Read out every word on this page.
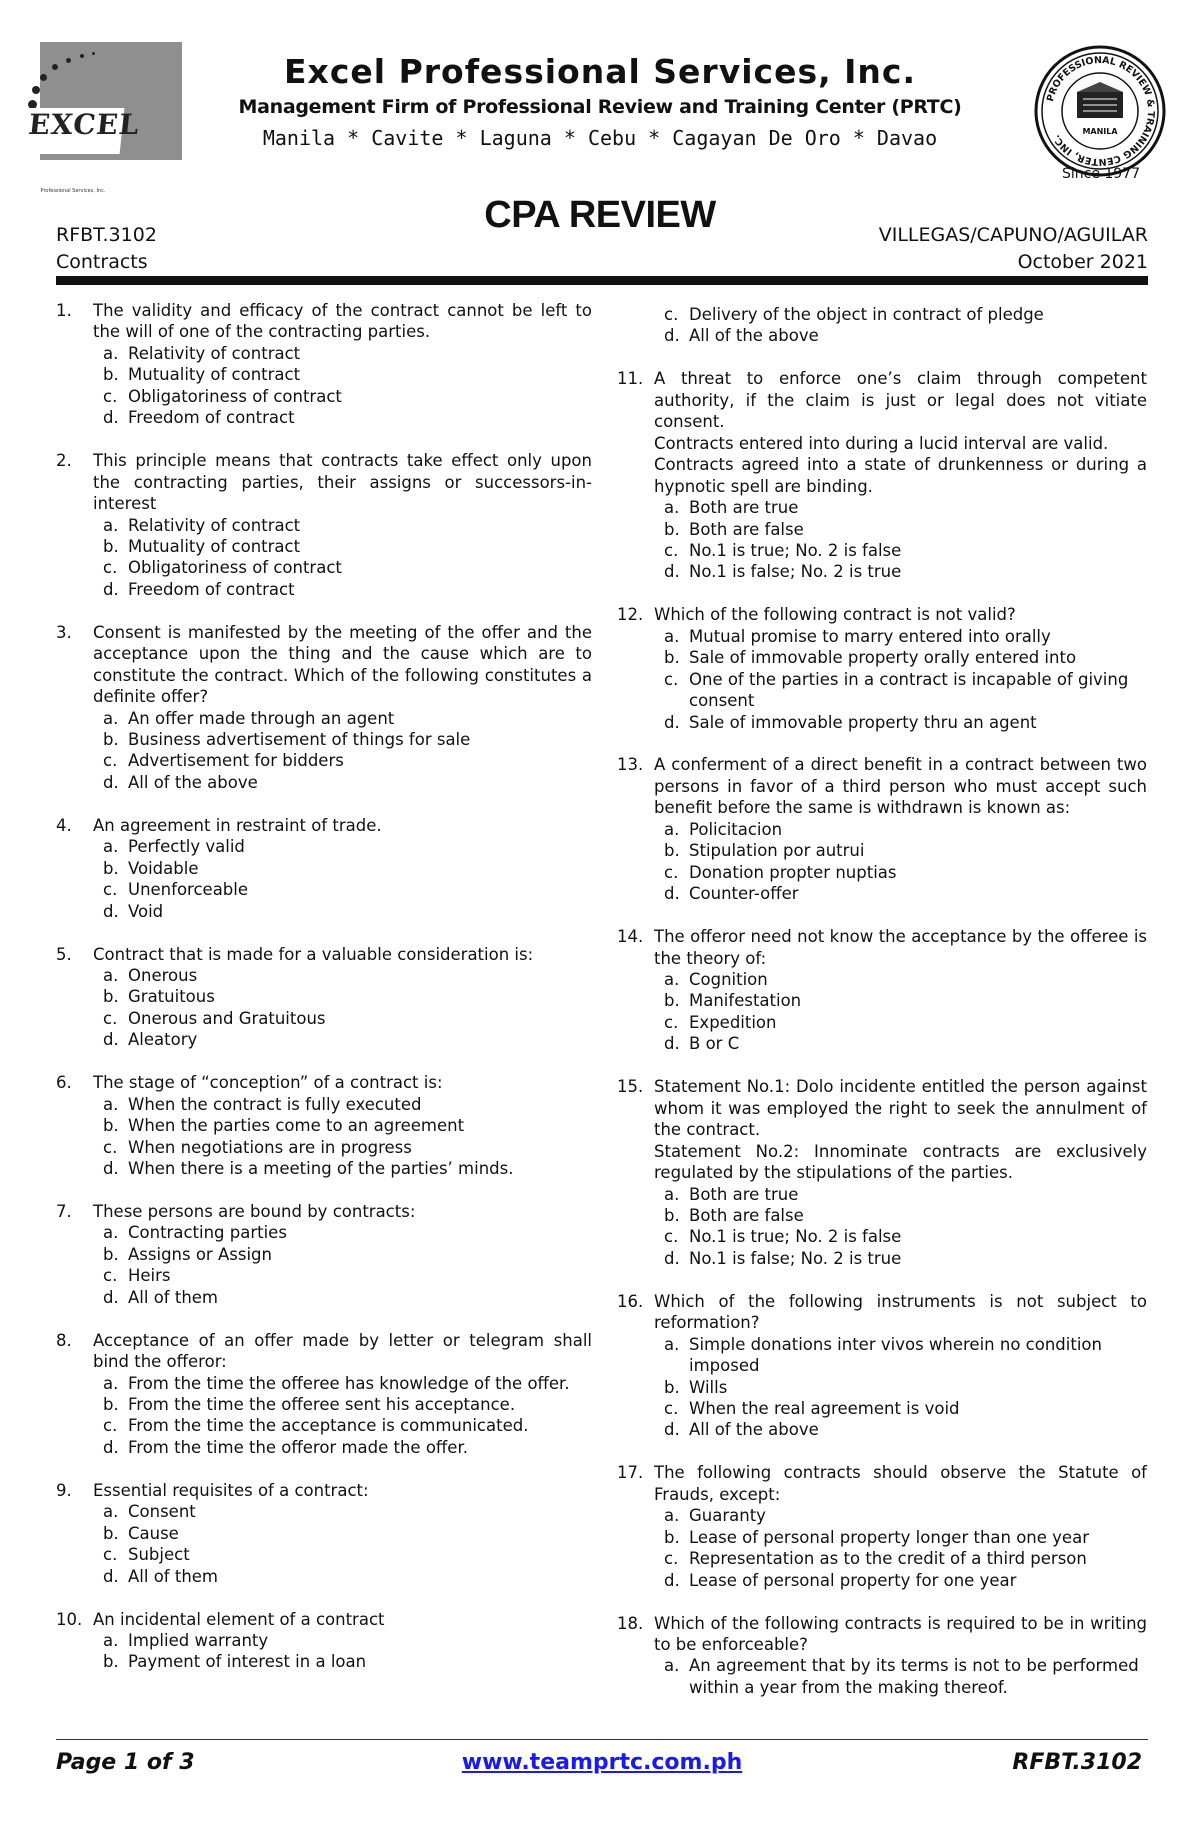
EXCEL
Professional Services, Inc.
Excel Professional Services, Inc.
Management Firm of Professional Review and Training Center (PRTC)
Manila * Cavite * Laguna * Cebu * Cagayan De Oro * Davao
PROFESSIONAL REVIEW & TRAINING CENTER, INC.
MANILA
Since 1977
RFBT.3102
Contracts
CPA REVIEW	VILLEGAS/CAPUNO/AGUILAR
October 2021
1. The validity and efficacy of the contract cannot be left to the will of one of the contracting parties.
a. Relativity of contract
b. Mutuality of contract
c. Obligatoriness of contract
d. Freedom of contract
2. This principle means that contracts take effect only upon the contracting parties, their assigns or successors-in-interest
a. Relativity of contract
b. Mutuality of contract
c. Obligatoriness of contract
d. Freedom of contract
3. Consent is manifested by the meeting of the offer and the acceptance upon the thing and the cause which are to constitute the contract. Which of the following constitutes a definite offer?
a. An offer made through an agent
b. Business advertisement of things for sale
c. Advertisement for bidders
d. All of the above
4. An agreement in restraint of trade.
a. Perfectly valid
b. Voidable
c. Unenforceable
d. Void
5. Contract that is made for a valuable consideration is:
a. Onerous
b. Gratuitous
c. Onerous and Gratuitous
d. Aleatory
6. The stage of “conception” of a contract is:
a. When the contract is fully executed
b. When the parties come to an agreement
c. When negotiations are in progress
d. When there is a meeting of the parties’ minds.
7. These persons are bound by contracts:
a. Contracting parties
b. Assigns or Assign
c. Heirs
d. All of them
8. Acceptance of an offer made by letter or telegram shall bind the offeror:
a. From the time the offeree has knowledge of the offer.
b. From the time the offeree sent his acceptance.
c. From the time the acceptance is communicated.
d. From the time the offeror made the offer.
9. Essential requisites of a contract:
a. Consent
b. Cause
c. Subject
d. All of them
10. An incidental element of a contract
a. Implied warranty
b. Payment of interest in a loan
c. Delivery of the object in contract of pledge
d. All of the above
11. A threat to enforce one’s claim through competent authority, if the claim is just or legal does not vitiate consent.
Contracts entered into during a lucid interval are valid.
Contracts agreed into a state of drunkenness or during a hypnotic spell are binding.
a. Both are true
b. Both are false
c. No.1 is true; No. 2 is false
d. No.1 is false; No. 2 is true
12. Which of the following contract is not valid?
a. Mutual promise to marry entered into orally
b. Sale of immovable property orally entered into
c. One of the parties in a contract is incapable of giving consent
d. Sale of immovable property thru an agent
13. A conferment of a direct benefit in a contract between two persons in favor of a third person who must accept such benefit before the same is withdrawn is known as:
a. Policitacion
b. Stipulation por autrui
c. Donation propter nuptias
d. Counter-offer
14. The offeror need not know the acceptance by the offeree is the theory of:
a. Cognition
b. Manifestation
c. Expedition
d. B or C
15. Statement No.1: Dolo incidente entitled the person against whom it was employed the right to seek the annulment of the contract.
Statement No.2: Innominate contracts are exclusively regulated by the stipulations of the parties.
a. Both are true
b. Both are false
c. No.1 is true; No. 2 is false
d. No.1 is false; No. 2 is true
16. Which of the following instruments is not subject to reformation?
a. Simple donations inter vivos wherein no condition imposed
b. Wills
c. When the real agreement is void
d. All of the above
17. The following contracts should observe the Statute of Frauds, except:
a. Guaranty
b. Lease of personal property longer than one year
c. Representation as to the credit of a third person
d. Lease of personal property for one year
18. Which of the following contracts is required to be in writing to be enforceable?
a. An agreement that by its terms is not to be performed within a year from the making thereof.
Page 1 of 3	www.teamprtc.com.ph	RFBT.3102
